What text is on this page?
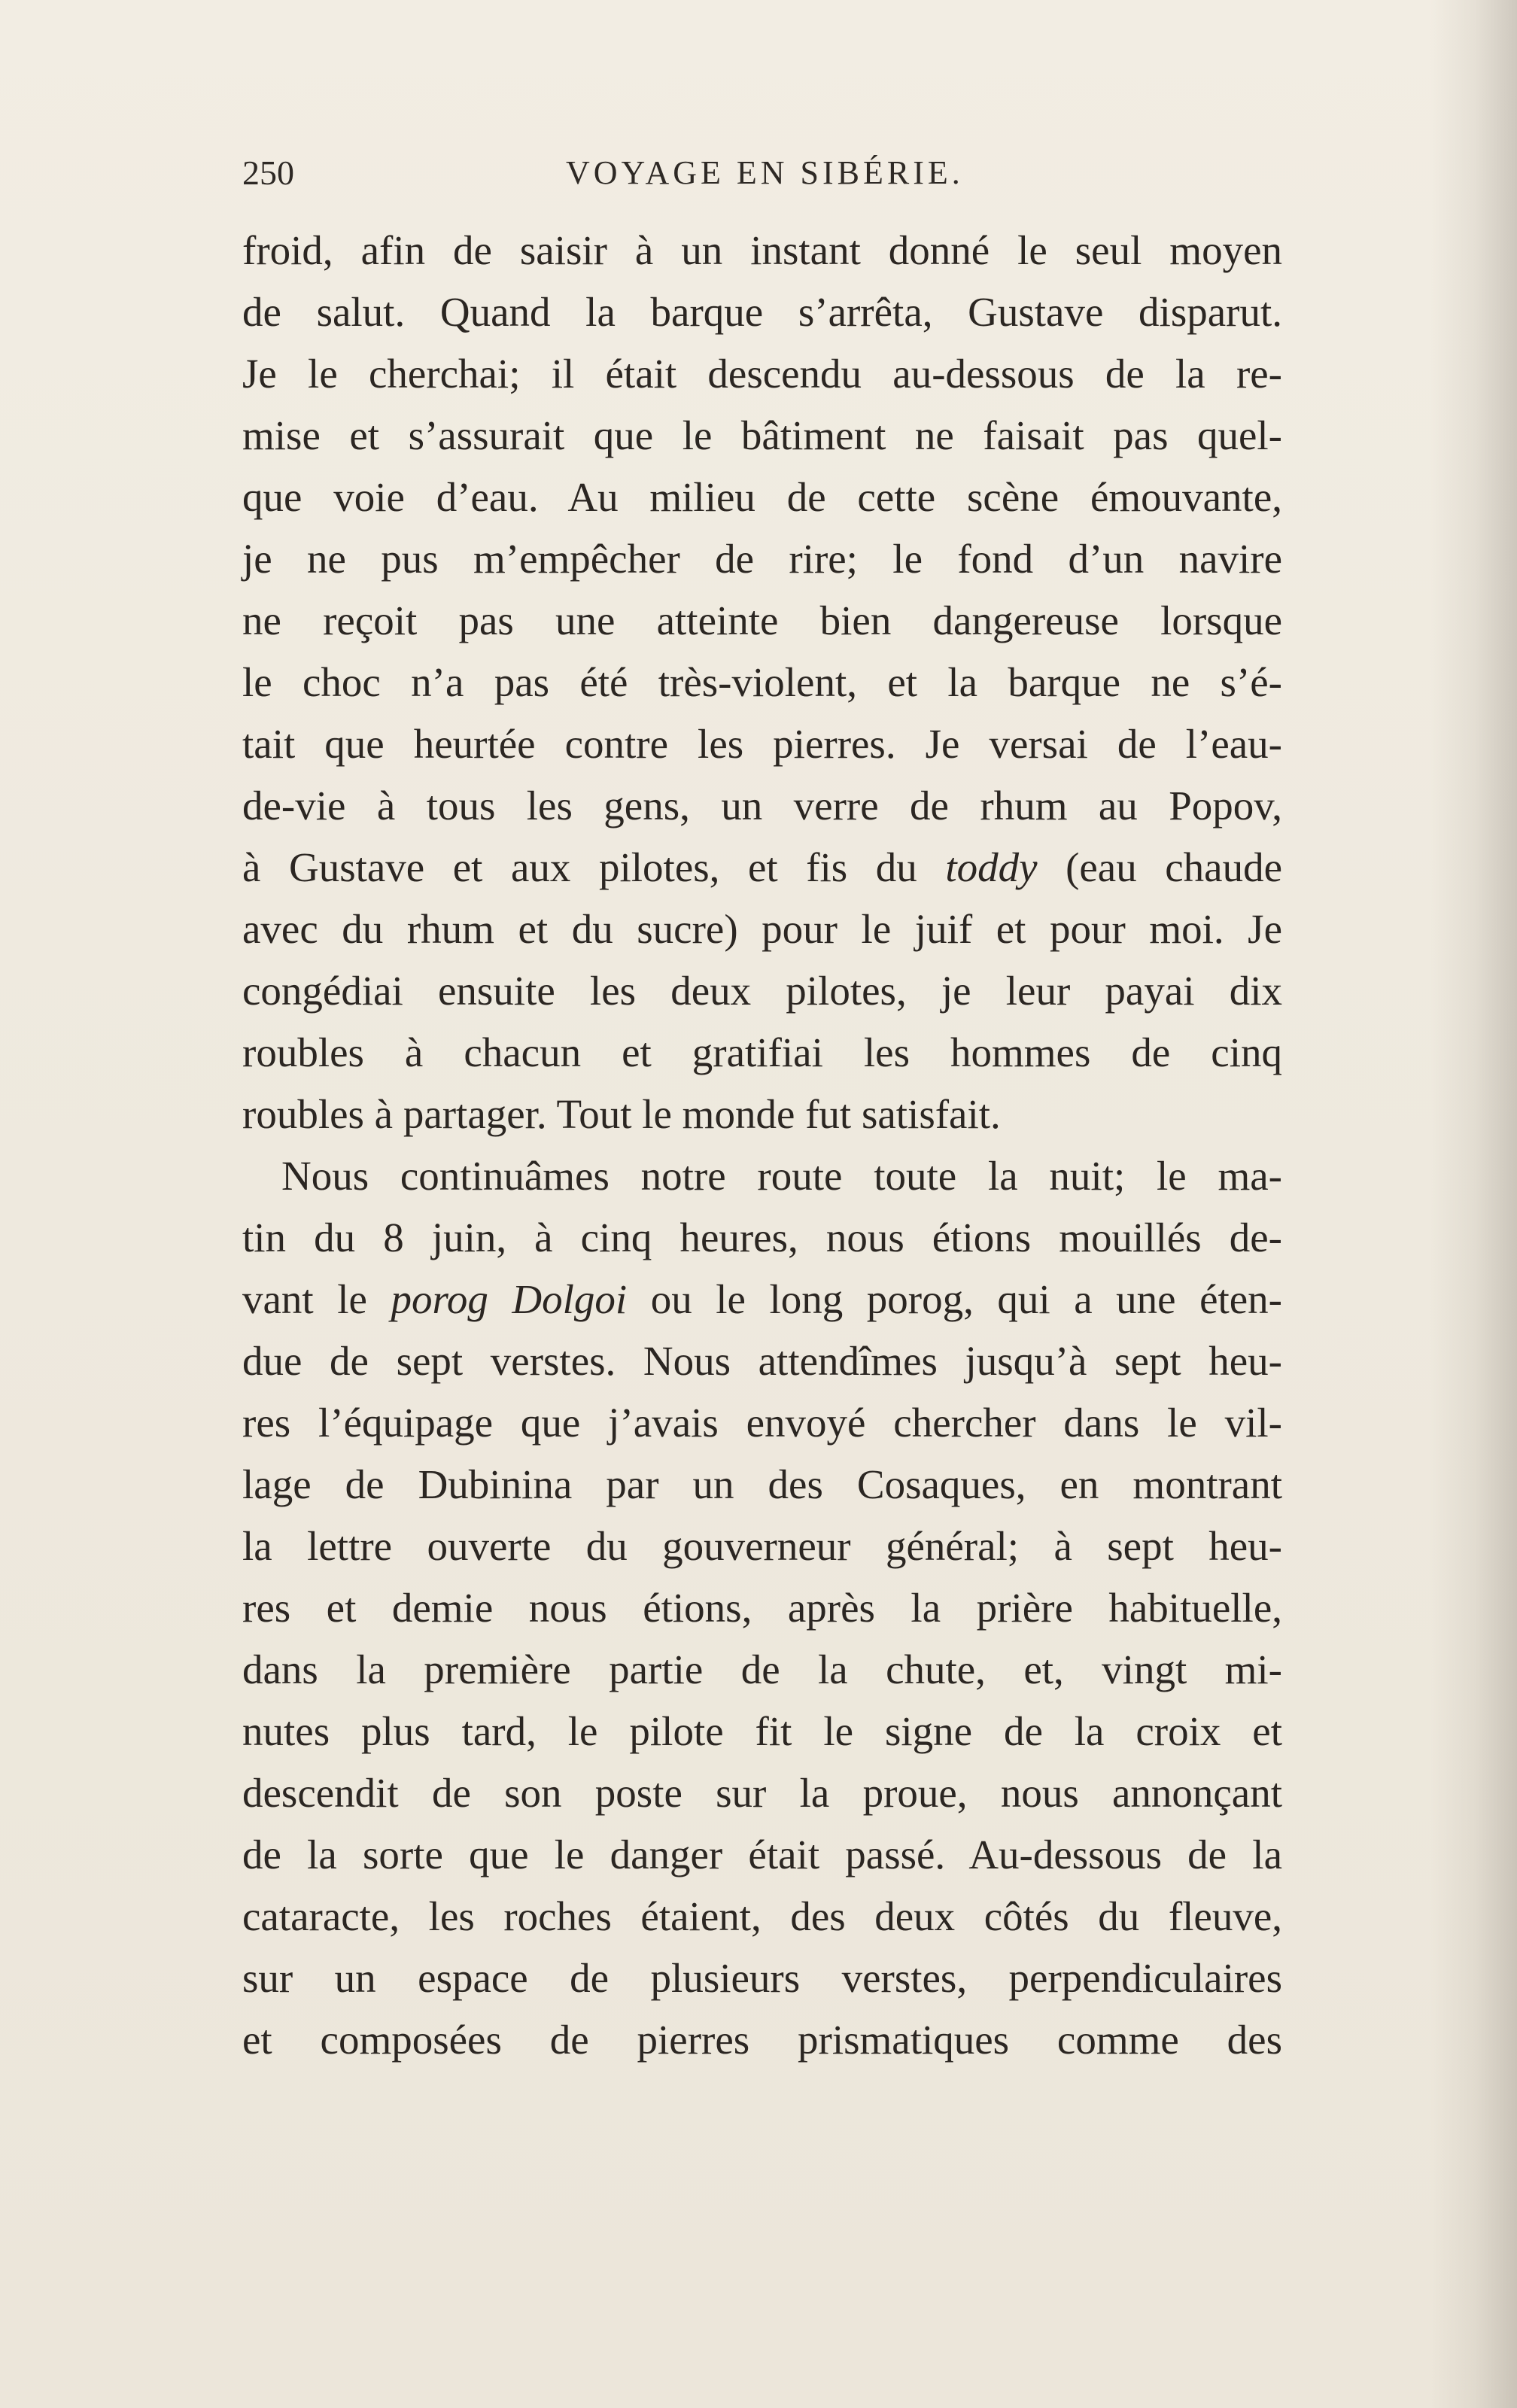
250	VOYAGE EN SIBÉRIE.
froid, afin de saisir à un instant donné le seul moyen
de salut. Quand la barque s’arrêta, Gustave disparut.
Je le cherchai; il était descendu au-dessous de la re-
mise et s’assurait que le bâtiment ne faisait pas quel-
que voie d’eau. Au milieu de cette scène émouvante,
je ne pus m’empêcher de rire; le fond d’un navire
ne reçoit pas une atteinte bien dangereuse lorsque
le choc n’a pas été très-violent, et la barque ne s’é-
tait que heurtée contre les pierres. Je versai de l’eau-
de-vie à tous les gens, un verre de rhum au Popov,
à Gustave et aux pilotes, et fis du toddy (eau chaude
avec du rhum et du sucre) pour le juif et pour moi. Je
congédiai ensuite les deux pilotes, je leur payai dix
roubles à chacun et gratifiai les hommes de cinq
roubles à partager. Tout le monde fut satisfait.
Nous continuâmes notre route toute la nuit; le ma-
tin du 8 juin, à cinq heures, nous étions mouillés de-
vant le porog Dolgoi ou le long porog, qui a une éten-
due de sept verstes. Nous attendîmes jusqu’à sept heu-
res l’équipage que j’avais envoyé chercher dans le vil-
lage de Dubinina par un des Cosaques, en montrant
la lettre ouverte du gouverneur général; à sept heu-
res et demie nous étions, après la prière habituelle,
dans la première partie de la chute, et, vingt mi-
nutes plus tard, le pilote fit le signe de la croix et
descendit de son poste sur la proue, nous annonçant
de la sorte que le danger était passé. Au-dessous de la
cataracte, les roches étaient, des deux côtés du fleuve,
sur un espace de plusieurs verstes, perpendiculaires
et composées de pierres prismatiques comme des
